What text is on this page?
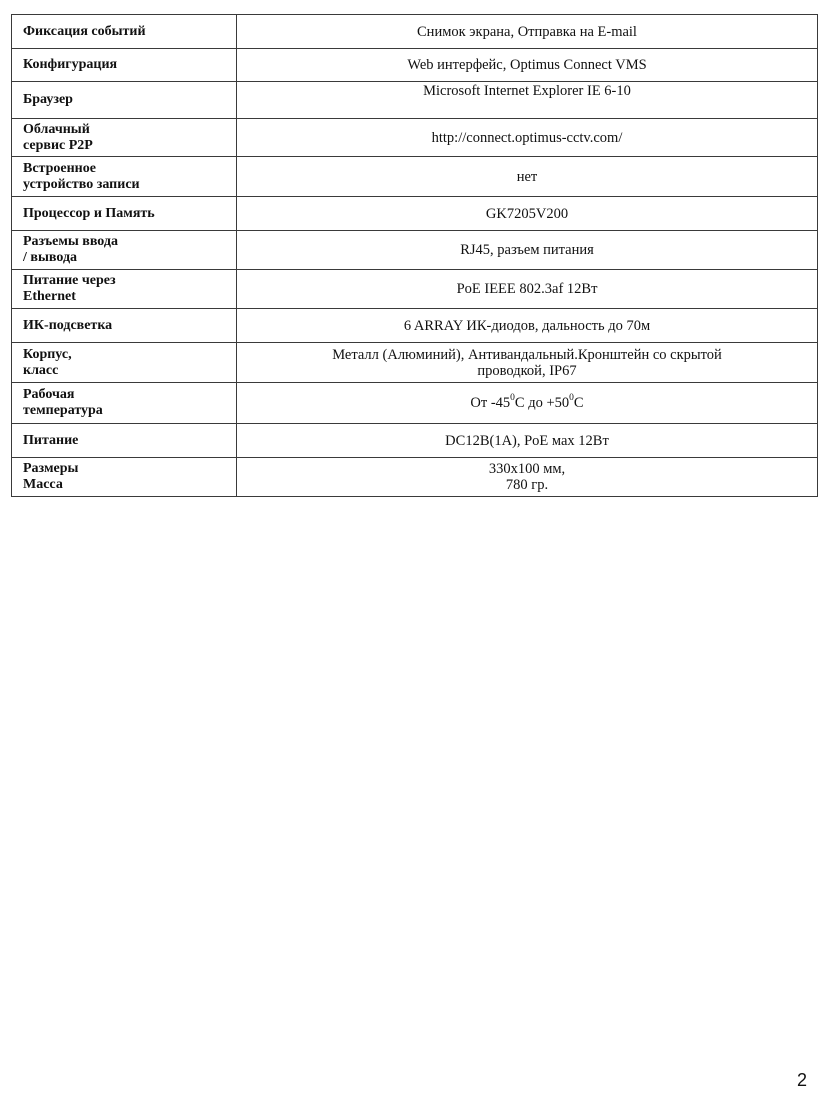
Фиксация событий	Снимок экрана, Отправка на E-mail

Конфигурация	Web интерфейс, Optimus Connect VMS

Браузер	Microsoft Internet Explorer IE 6-10

Облачный
сервис P2P	http://connect.optimus-cctv.com/

Встроенное
устройство записи	нет

Процессор и Память	GK7205V200

Разъемы ввода
/ вывода	RJ45, разъем питания

Питание через
Ethernet	PoE IEEE 802.3af 12Вт

ИК-подсветка	6 ARRAY ИК-диодов, дальность до 70м

Корпус,
класс	Металл (Алюминий), Антивандальный.Кронштейн со скрытой
проводкой, IP67

Рабочая
температура	От $-45^0С$ до $+50^0С$

Питание	DC12В(1А), PoE мах 12Вт

Размеры
Масса	330х100 мм,
780 гр.
2
